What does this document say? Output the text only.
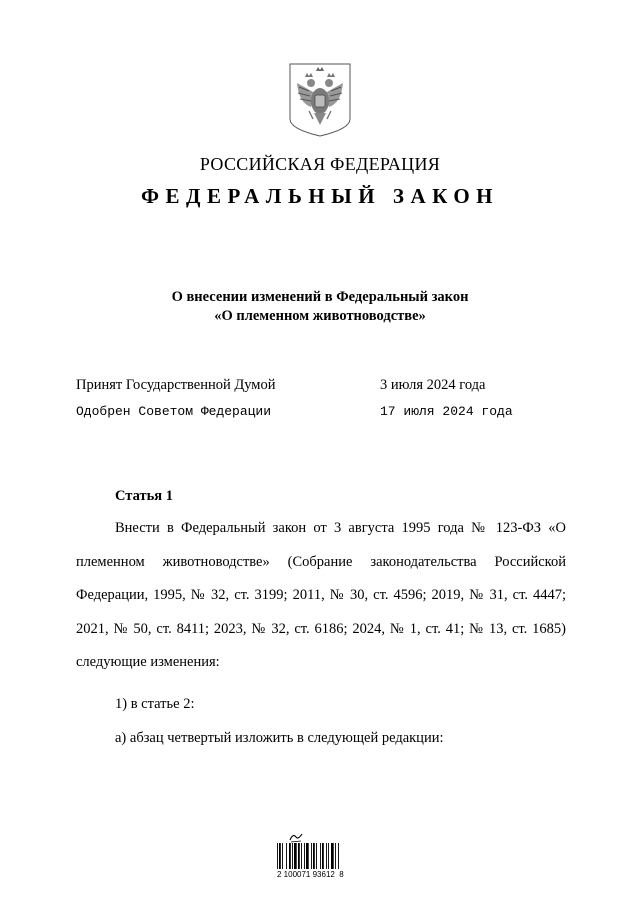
РОССИЙСКАЯ ФЕДЕРАЦИЯ
ФЕДЕРАЛЬНЫЙ ЗАКОН
О внесении изменений в Федеральный закон
«О племенном животноводстве»
Принят Государственной Думой	3 июля 2024 года
Одобрен Советом Федерации	17 июля 2024 года
Статья 1

Внести в Федеральный закон от 3 августа 1995 года № 123-ФЗ «О племенном животноводстве» (Собрание законодательства Российской Федерации, 1995, № 32, ст. 3199; 2011, № 30, ст. 4596; 2019, № 31, ст. 4447; 2021, № 50, ст. 8411; 2023, № 32, ст. 6186; 2024, № 1, ст. 41; № 13, ст. 1685) следующие изменения:

1) в статье 2:
а) абзац четвертый изложить в следующей редакции:
2 100071 93612  8
